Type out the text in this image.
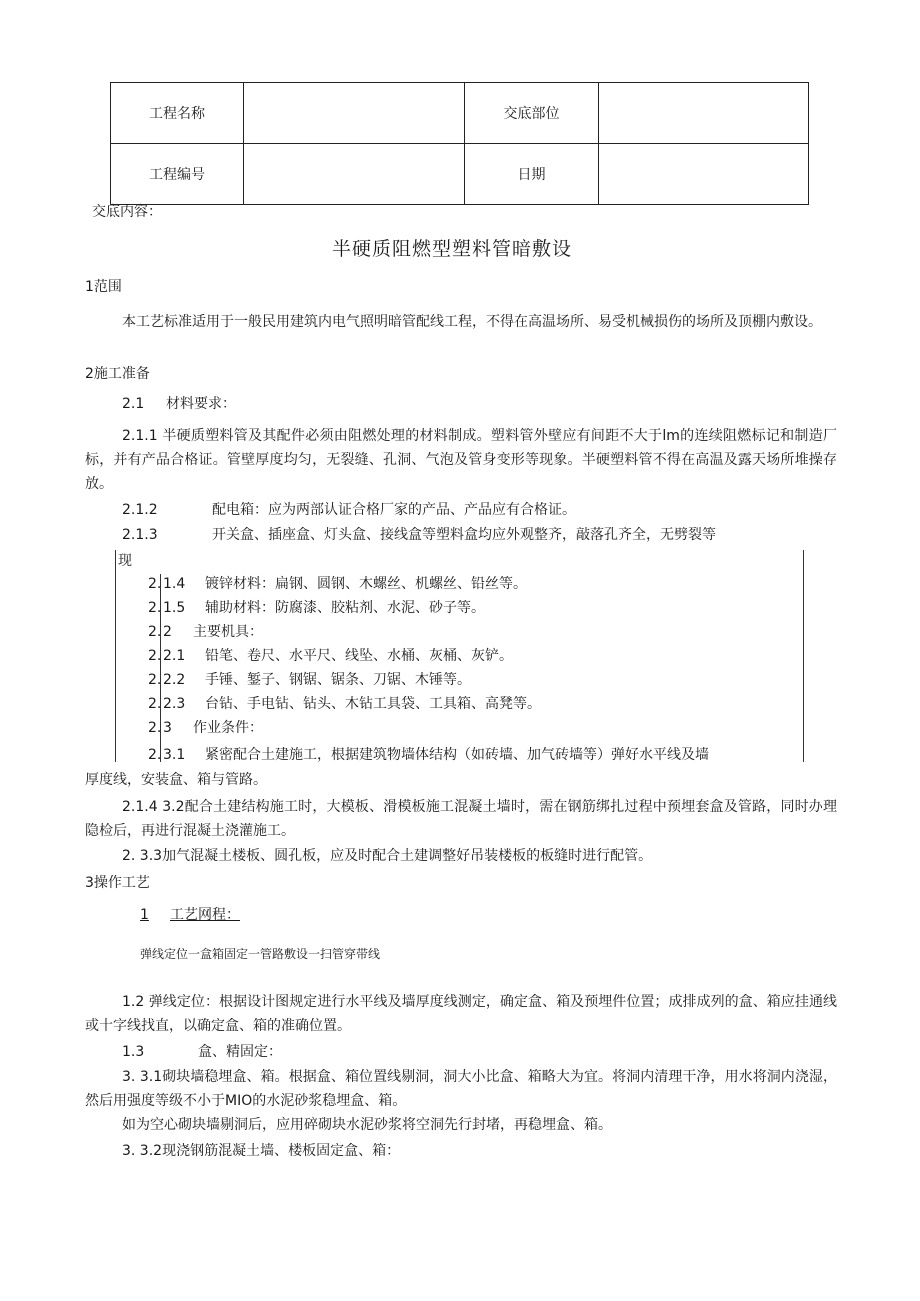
工程名称		交底部位	
工程编号		日期	
交底内容：
半硬质阻燃型塑料管暗敷设
1范围
本工艺标准适用于一般民用建筑内电气照明暗管配线工程，不得在高温场所、易受机械损伤的场所及顶棚内敷设。
2施工准备
2.1 材料要求：
2.1.1 半硬质塑料管及其配件必须由阻燃处理的材料制成。塑料管外壁应有间距不大于lm的连续阻燃标记和制造厂标，并有产品合格证。管壁厚度均匀，无裂缝、孔洞、气泡及管身变形等现象。半硬塑料管不得在高温及露天场所堆操存放。
2.1.2	配电箱：应为两部认证合格厂家的产品、产品应有合格证。
2.1.3	开关盒、插座盒、灯头盒、接线盒等塑料盒均应外观整齐，敲落孔齐全，无劈裂等
现
2. 1.4 镀锌材料：扁钢、圆钢、木螺丝、机螺丝、铅丝等。
2. 1.5 辅助材料：防腐漆、胶粘剂、水泥、砂子等。
2. 2 主要机具：
2. 2.1 铅笔、卷尺、水平尺、线坠、水桶、灰桶、灰铲。
2. 2.2 手锤、錾子、钢锯、锯条、刀锯、木锤等。
2. 2.3 台钻、手电钻、钻头、木钻工具袋、工具箱、高凳等。
2. 3 作业条件：
2. 3.1 紧密配合土建施工，根据建筑物墙体结构（如砖墙、加气砖墙等）弹好水平线及墙
厚度线，安装盒、箱与管路。
2.1.4 3.2配合土建结构施工时，大模板、滑模板施工混凝土墙时，需在钢筋绑扎过程中预埋套盒及管路，同时办理隐检后，再进行混凝土浇灌施工。
2. 3.3加气混凝土楼板、圆孔板，应及时配合土建调整好吊装楼板的板缝时进行配管。
3操作工艺
1 工艺网程：
弹线定位一盒箱固定一管路敷设一扫管穿带线
1.2 弹线定位：根据设计图规定进行水平线及墙厚度线测定，确定盒、箱及预埋件位置；成排成列的盒、箱应挂通线或十字线找直，以确定盒、箱的准确位置。
1.3	盒、精固定：
3. 3.1砌块墙稳埋盒、箱。根据盒、箱位置线剔洞，洞大小比盒、箱略大为宜。将洞内清理干净，用水将洞内浇湿，然后用强度等级不小于MIO的水泥砂浆稳埋盒、箱。
如为空心砌块墙剔洞后，应用碎砌块水泥砂浆将空洞先行封堵，再稳埋盒、箱。
3. 3.2现浇钢筋混凝土墙、楼板固定盒、箱：
